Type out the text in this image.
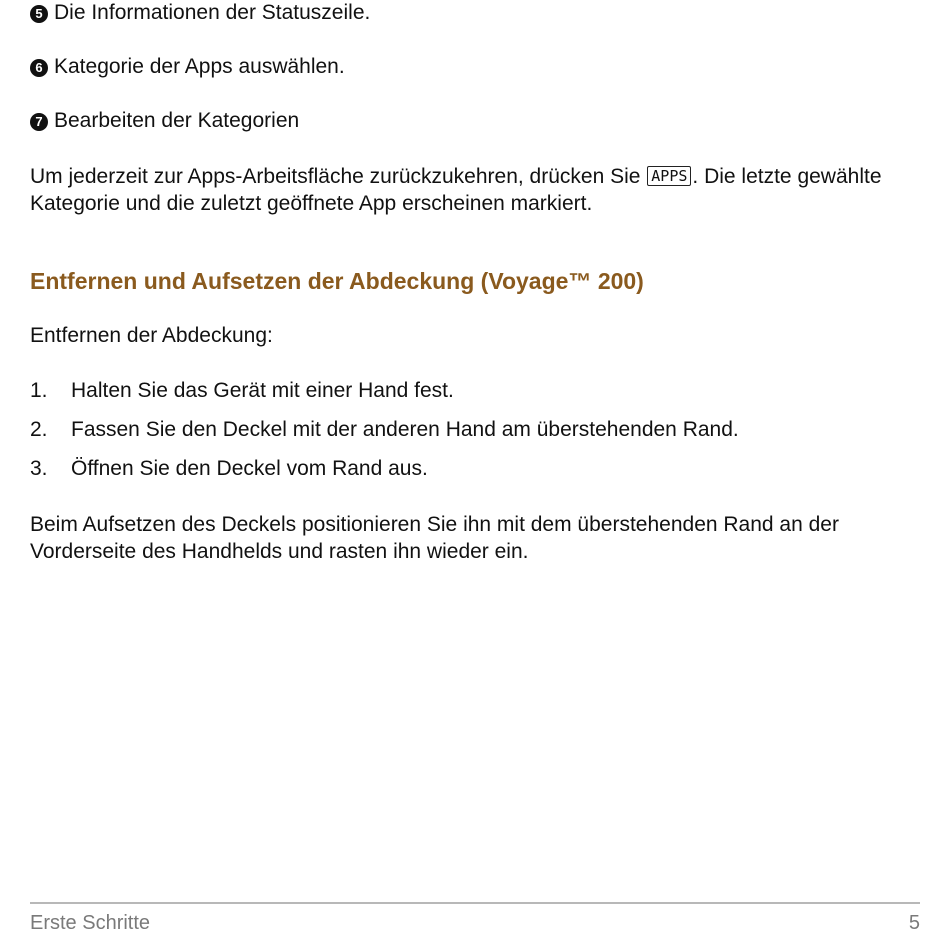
5 Die Informationen der Statuszeile.
6 Kategorie der Apps auswählen.
7 Bearbeiten der Kategorien
Um jederzeit zur Apps-Arbeitsfläche zurückzukehren, drücken Sie APPS . Die letzte gewählte Kategorie und die zuletzt geöffnete App erscheinen markiert.
Entfernen und Aufsetzen der Abdeckung (Voyage™ 200)
Entfernen der Abdeckung:
1. Halten Sie das Gerät mit einer Hand fest.
2. Fassen Sie den Deckel mit der anderen Hand am überstehenden Rand.
3. Öffnen Sie den Deckel vom Rand aus.
Beim Aufsetzen des Deckels positionieren Sie ihn mit dem überstehenden Rand an der Vorderseite des Handhelds und rasten ihn wieder ein.
Erste Schritte	5
